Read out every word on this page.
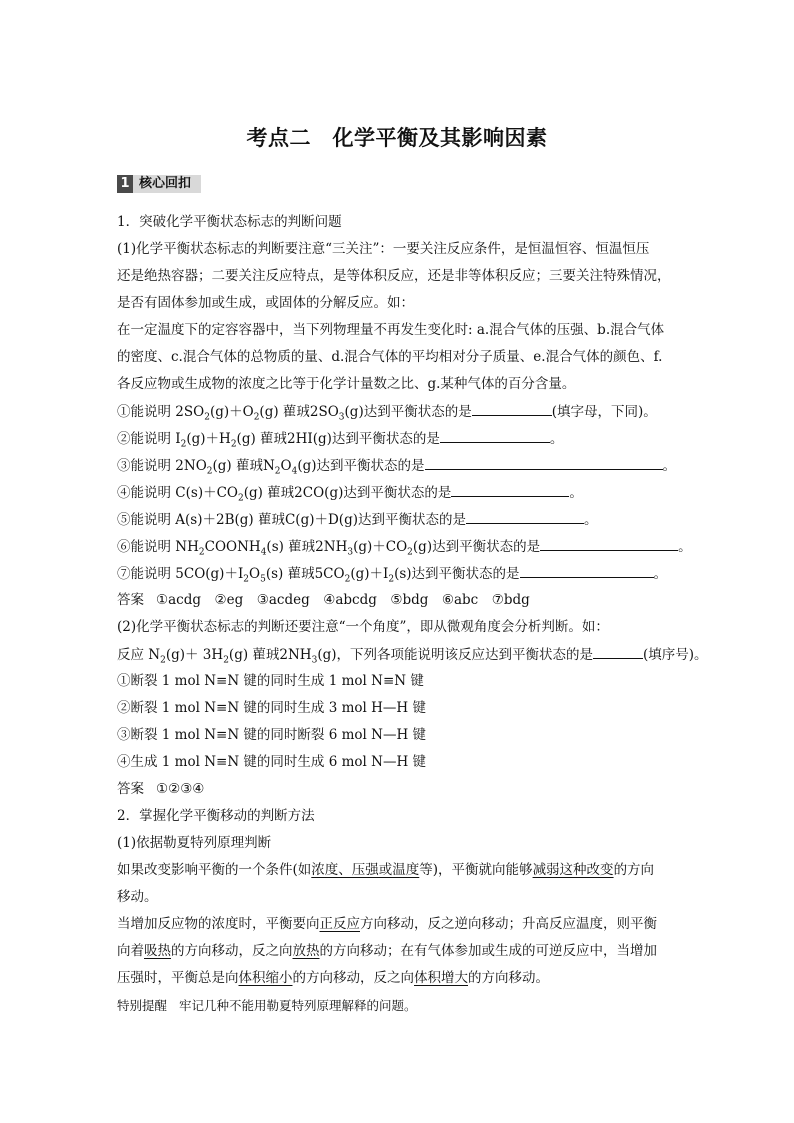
考点二　化学平衡及其影响因素
1 核心回扣
1．突破化学平衡状态标志的判断问题
(1)化学平衡状态标志的判断要注意“三关注”：一要关注反应条件，是恒温恒容、恒温恒压
还是绝热容器；二要关注反应特点，是等体积反应，还是非等体积反应；三要关注特殊情况，
是否有固体参加或生成，或固体的分解反应。如：
在一定温度下的定容容器中，当下列物理量不再发生变化时: a.混合气体的压强、b.混合气体
的密度、c.混合气体的总物质的量、d.混合气体的平均相对分子质量、e.混合气体的颜色、f.
各反应物或生成物的浓度之比等于化学计量数之比、g.某种气体的百分含量。
①能说明 $2SO_2(g)+O_2(g)$ 雚珬$2SO_3(g)$达到平衡状态的是	(填字母，下同)。
②能说明 $I_2(g)+H_2(g)$ 雚珬2HI(g)达到平衡状态的是	。
③能说明 $2NO_2(g)$ 雚珬$N_2O_4(g)$达到平衡状态的是	。
④能说明 $C(s)+CO_2(g)$ 雚珬2CO(g)达到平衡状态的是	。
⑤能说明 A(s)＋2B(g) 雚珬C(g)＋D(g)达到平衡状态的是	。
⑥能说明 $NH_2COONH_4(s)$ 雚珬$2NH_3(g)+CO_2(g)$达到平衡状态的是	。
⑦能说明 $5CO(g)+I_2O_5(s)$ 雚珬$5CO_2(g)+I_2(s)$达到平衡状态的是	。
答案 ①acdg　②eg　③acdeg　④abcdg　⑤bdg　⑥abc　⑦bdg
(2)化学平衡状态标志的判断还要注意“一个角度”，即从微观角度会分析判断。如：
反应 $N_2(g)+ 3H_2(g)$ 雚珬$2NH_3(g)$，下列各项能说明该反应达到平衡状态的是	(填序号)。
①断裂 1 mol N≡N 键的同时生成 1 mol N≡N 键
②断裂 1 mol N≡N 键的同时生成 3 mol H—H 键
③断裂 1 mol N≡N 键的同时断裂 6 mol N—H 键
④生成 1 mol N≡N 键的同时生成 6 mol N—H 键
答案 ①②③④
2．掌握化学平衡移动的判断方法
(1)依据勒夏特列原理判断
如果改变影响平衡的一个条件(如浓度、压强或温度等)，平衡就向能够减弱这种改变的方向
移动。
当增加反应物的浓度时，平衡要向正反应方向移动，反之逆向移动；升高反应温度，则平衡
向着吸热的方向移动，反之向放热的方向移动；在有气体参加或生成的可逆反应中，当增加
压强时，平衡总是向体积缩小的方向移动，反之向体积增大的方向移动。
特别提醒 牢记几种不能用勒夏特列原理解释的问题。
